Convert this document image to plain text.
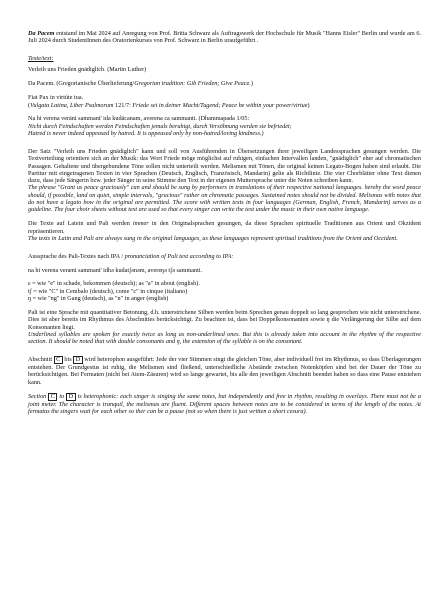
Da Pacem entstand im Mai 2024 auf Anregung von Prof. Britta Schwarz als Auftragswerk der Hochschule für Musik "Hanns Eisler" Berlin und wurde am 6. Juli 2024 durch StudentInnen des Oratorienkurses von Prof. Schwarz in Berlin uraufgeführt .

Texte/text:

Verleih uns Frieden gnädiglich. (Martin Luther)

Da Pacem. (Gregorianische Überlieferung/Gregorian tradition: Gib Frieden; Give Peace.)

Fiat Pax in virtúte tua.

(Vulgata Latina, Liber Psalmorum 121/7: Friede sei in deiner Macht/Tugend; Peace be within your power/virtue)

Na hi verena verāni sammant' ida kudācanam, averena ca sammanti. (Dhammapada 1/05:

Nicht durch Feindschaften werden Feindschaften jemals beruhigt, durch Versöhnung werden sie befriedet;

Hatred is never indeed appeased by hatred. It is appeased only by non-hatred/loving kindness.)

Der Satz "Verleih uns Frieden gnädiglich" kann und soll von Ausführenden in Übersetzungen ihrer jeweiligen Landessprachen gesungen werden. Die Textverteilung orientiere sich an der Musik: das Wort Friede möge möglichst auf ruhigen, einfachen Intervallen landen, "gnädiglich" eher auf chromatischen Passagen. Gehaltene und übergebundene Töne sollen nicht unterteilt werden. Melismen mit Tönen, die original keinen Legato-Bogen haben sind erlaubt. Die Partitur mit eingetragenen Texten in vier Sprachen (Deutsch, Englisch, Französisch, Mandarin) gelte als Richtlinie. Die vier Chorblätter ohne Text dienen dazu, dass jede Sängerin bzw. jeder Sänger in seine Stimme den Text in der eigenen Muttersprache unter die Noten schreiben kann.

The phrase "Grant us peace graciously" can and should be sung by performers in translations of their respective national languages. hereby the word peace should, if possible, land on quiet, simple intervals, "gracious" rather on chromatic passages. Sustained notes should not be divided. Melismas with notes that do not have a legato bow in the original are permitted. The score with written texts in four languages (German, English, French, Mandarin) serves as a guideline. The four choir sheets without text are used so that every singer can write the text under the music in their own native language.

Die Texte auf Latein und Pali werden immer in den Originalsprachen gesungen, da diese Sprachen spirituelle Traditionen aus Orient und Okzident repräsentieren.

The texts in Latin and Pali are always sung in the original languages, as these languages represent spiritual traditions from the Orient and Occident.

Aussprache des Pali-Textes nach IPA / pronunciation of Pali text according to IPA:

na hi verena veræni sammant' idhə kudatʃənəm, avereŋə tʃə sammanti.

ɛ = wie "e" in schade, bekommen (deutsch); as "a" in about (english).

tʃ = wie "C" in Cembalo (deutsch), come "c" in cinque (italiano)

ŋ = wie "ng" in Gang (deutsch), as "n" in anger (english)

Pali ist eine Sprache mit quantitativer Betonung, d.h. unterstrichene Silben werden beim Sprechen genau doppelt so lang gesprochen wie nicht unterstrichene. Dies ist aber bereits im Rhythmus des Abschnittes berücksichtigt. Zu beachten ist, dass bei Doppelkonsonanten sowie ŋ die Verlängerung der Silbe auf dem Konsonanten liegt.

Underlined syllables are spoken for exactly twice as long as non-underlined ones. But this is already taken into account in the rhythm of the respective section. It should be noted that with double consonants and ŋ, the extension of the syllable is on the consonant.

Abschnitt C bis D wird heterophon ausgeführt: Jede der vier Stimmen singt die gleichen Töne, aber individuell frei im Rhythmus, so dass Überlagerungen entstehen. Der Grundgestus ist ruhig, die Melismen sind fließend, unterschiedliche Abstände zwischen Notenköpfen sind bei der Dauer der Töne zu berücksichtigen. Bei Fermaten (nicht bei Atem-Zäsuren) wird so lange gewartet, bis alle den jeweiligen Abschnitt beendet haben so dass eine Pause entstehen kann.

Section C to D is heterophonic: each singer is singing the same notes, but independently and free in rhythm, resulting in overlays. There must not be a joint meter. The character is tranquil, the melismas are fluent. Different spaces between notes are to be considered in terms of the length of the notes. At fermatas the singers wait for each other so ther can be a pause (not so when there is just written a short cesura).
